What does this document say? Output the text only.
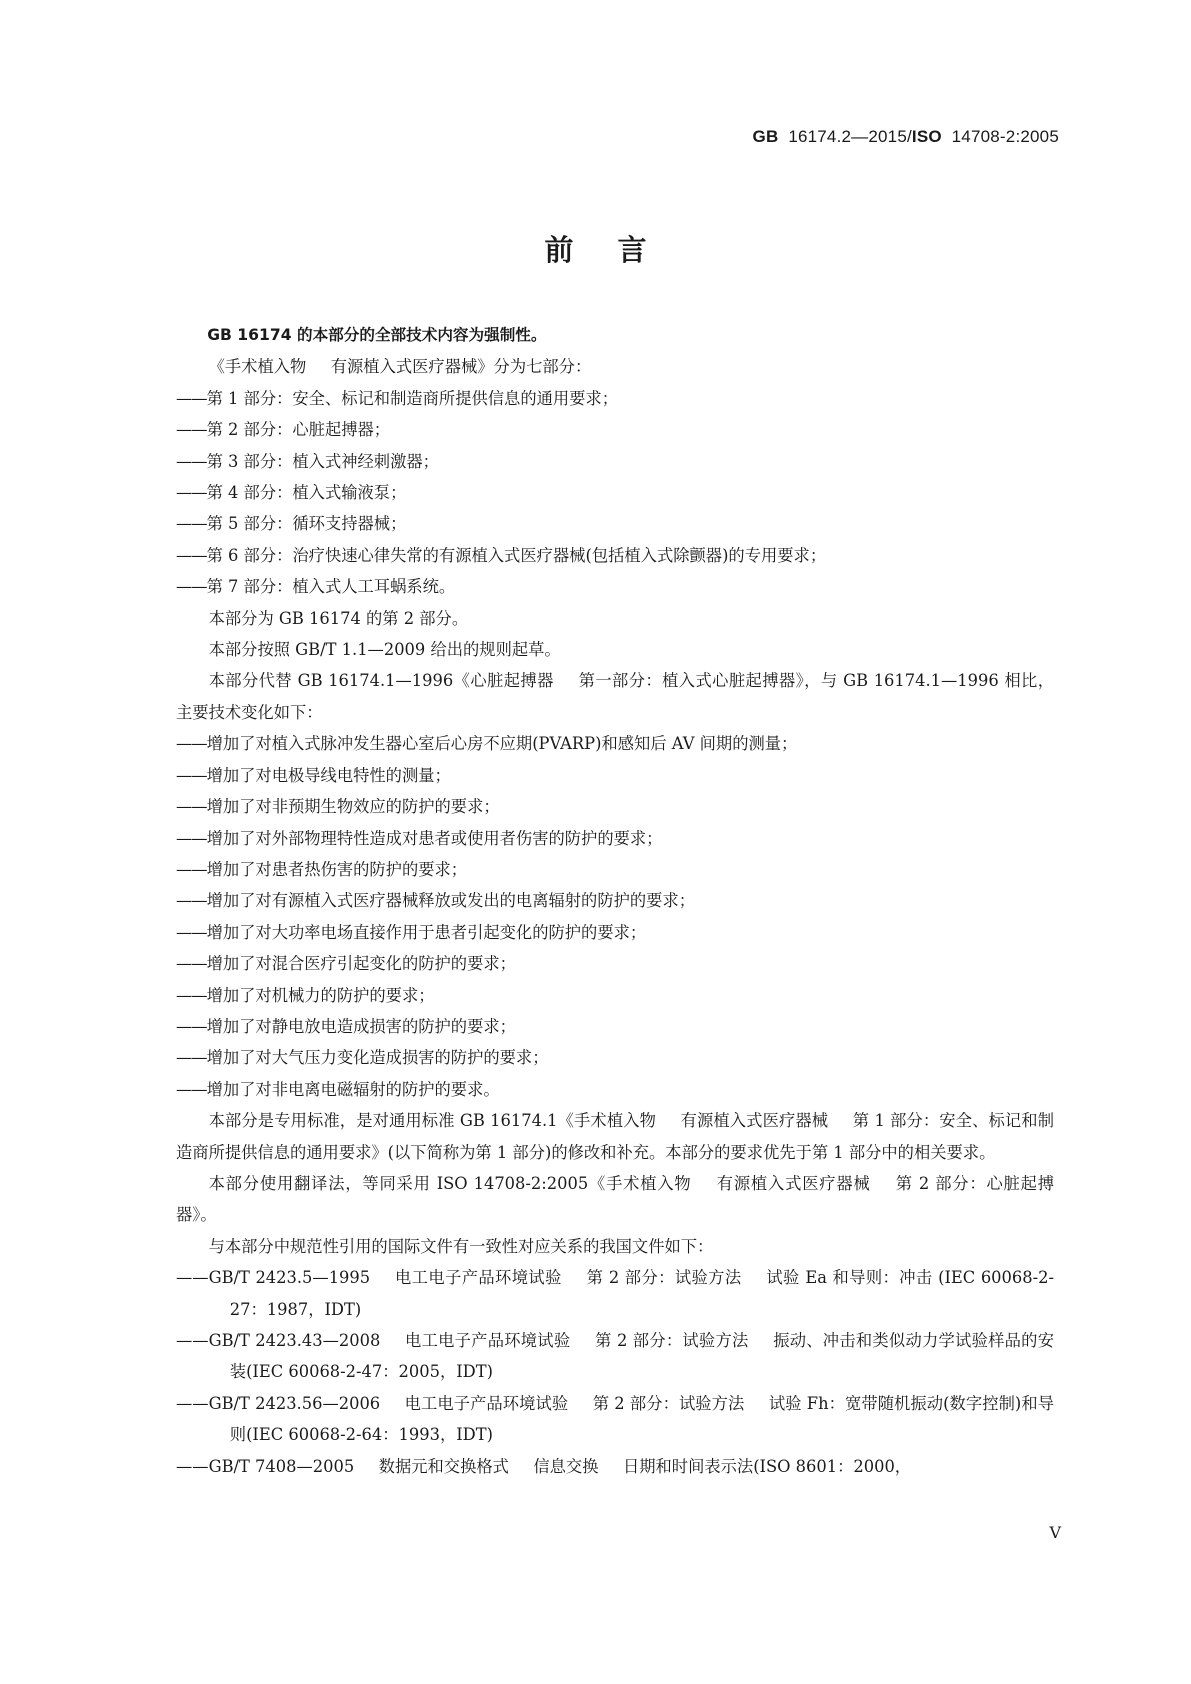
GB 16174.2—2015/ISO 14708-2:2005
前言

GB 16174 的本部分的全部技术内容为强制性。

《手术植入物 有源植入式医疗器械》分为七部分：

——第 1 部分：安全、标记和制造商所提供信息的通用要求；

——第 2 部分：心脏起搏器；

——第 3 部分：植入式神经刺激器；

——第 4 部分：植入式输液泵；

——第 5 部分：循环支持器械；

——第 6 部分：治疗快速心律失常的有源植入式医疗器械(包括植入式除颤器)的专用要求；

——第 7 部分：植入式人工耳蜗系统。

本部分为 GB 16174 的第 2 部分。

本部分按照 GB/T 1.1—2009 给出的规则起草。

本部分代替 GB 16174.1—1996《心脏起搏器 第一部分：植入式心脏起搏器》，与 GB 16174.1—1996 相比，主要技术变化如下：

——增加了对植入式脉冲发生器心室后心房不应期(PVARP)和感知后 AV 间期的测量；

——增加了对电极导线电特性的测量；

——增加了对非预期生物效应的防护的要求；

——增加了对外部物理特性造成对患者或使用者伤害的防护的要求；

——增加了对患者热伤害的防护的要求；

——增加了对有源植入式医疗器械释放或发出的电离辐射的防护的要求；

——增加了对大功率电场直接作用于患者引起变化的防护的要求；

——增加了对混合医疗引起变化的防护的要求；

——增加了对机械力的防护的要求；

——增加了对静电放电造成损害的防护的要求；

——增加了对大气压力变化造成损害的防护的要求；

——增加了对非电离电磁辐射的防护的要求。

本部分是专用标准，是对通用标准 GB 16174.1《手术植入物 有源植入式医疗器械 第 1 部分：安全、标记和制造商所提供信息的通用要求》(以下简称为第 1 部分)的修改和补充。本部分的要求优先于第 1 部分中的相关要求。

本部分使用翻译法，等同采用 ISO 14708-2:2005《手术植入物 有源植入式医疗器械 第 2 部分：心脏起搏器》。

与本部分中规范性引用的国际文件有一致性对应关系的我国文件如下：

——GB/T 2423.5—1995 电工电子产品环境试验 第 2 部分：试验方法 试验 Ea 和导则：冲击 (IEC 60068-2-27：1987，IDT)

——GB/T 2423.43—2008 电工电子产品环境试验 第 2 部分：试验方法 振动、冲击和类似动力学试验样品的安装(IEC 60068-2-47：2005，IDT)

——GB/T 2423.56—2006 电工电子产品环境试验 第 2 部分：试验方法 试验 Fh：宽带随机振动(数字控制)和导则(IEC 60068-2-64：1993，IDT)

——GB/T 7408—2005 数据元和交换格式 信息交换 日期和时间表示法(ISO 8601：2000，

V
